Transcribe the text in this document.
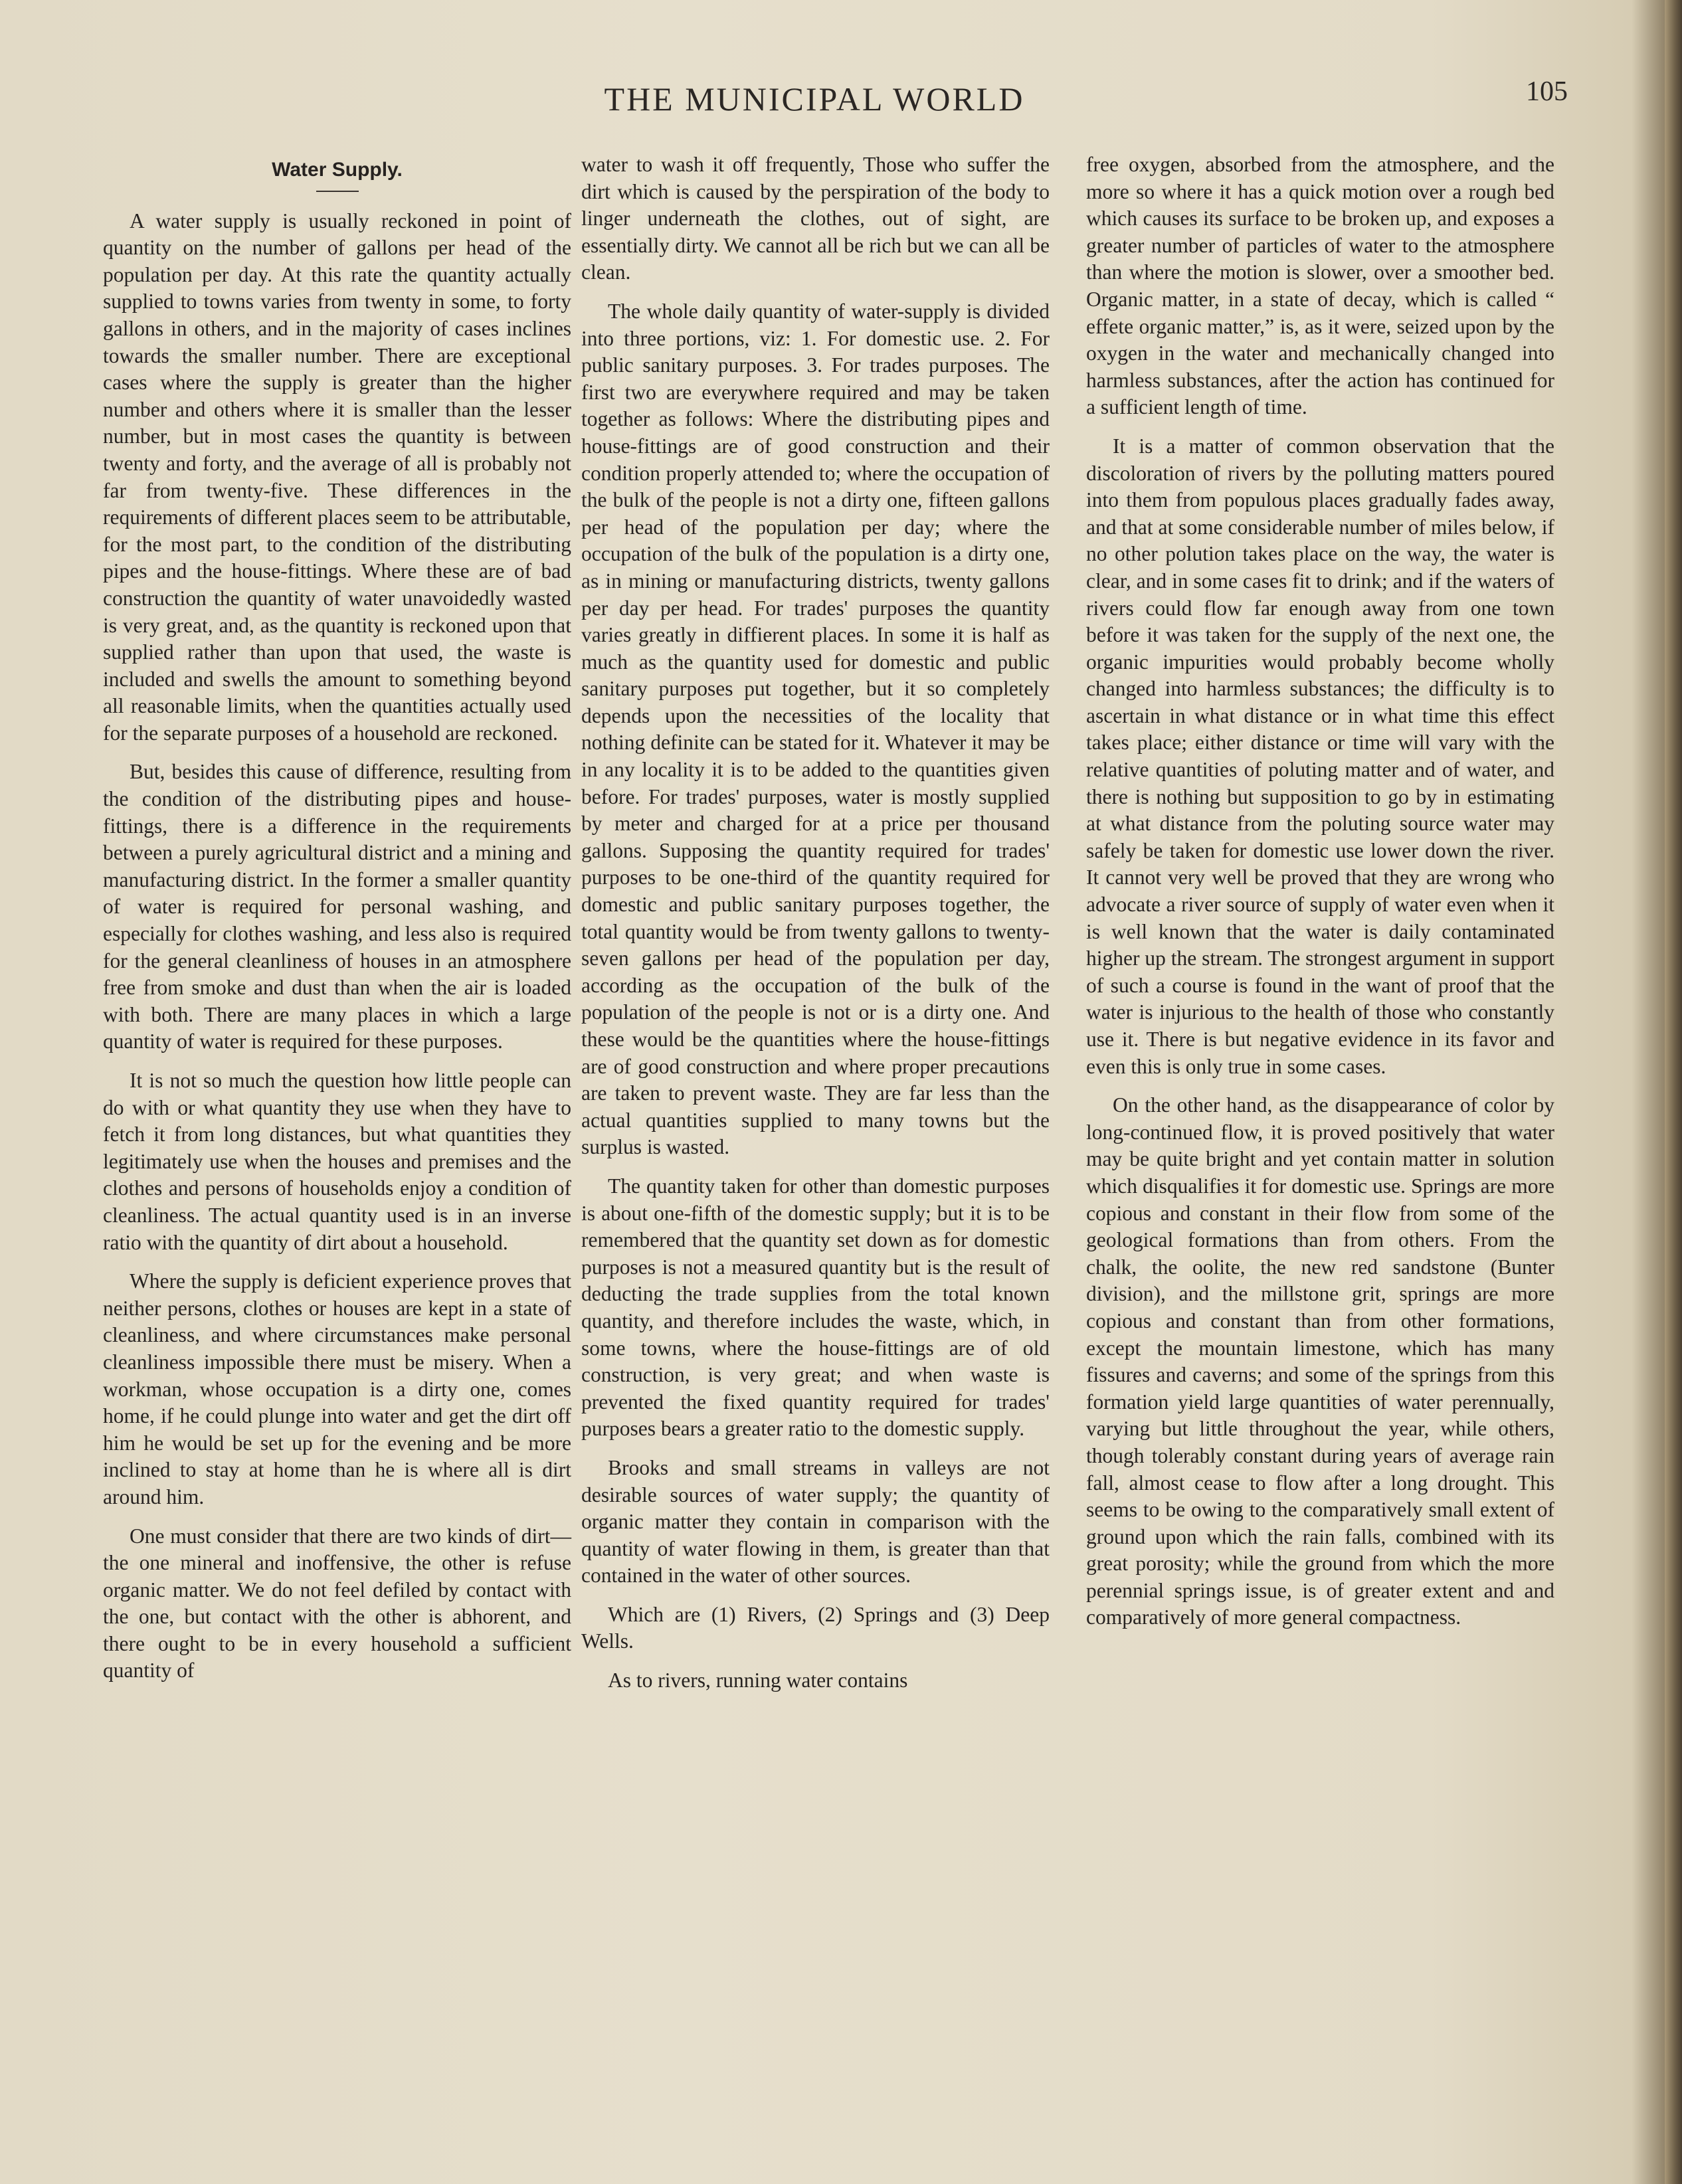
THE MUNICIPAL WORLD	105
Water Supply.

A water supply is usually reckoned in point of quantity on the number of gallons per head of the population per day. At this rate the quantity actually supplied to towns varies from twenty in some, to forty gallons in others, and in the majority of cases inclines towards the smaller number. There are exceptional cases where the supply is greater than the higher number and others where it is smaller than the lesser number, but in most cases the quantity is between twenty and forty, and the average of all is probably not far from twenty-five. These differences in the requirements of different places seem to be attributable, for the most part, to the condition of the distributing pipes and the house-fittings. Where these are of bad construction the quantity of water unavoidedly wasted is very great, and, as the quantity is reckoned upon that supplied rather than upon that used, the waste is included and swells the amount to something beyond all reasonable limits, when the quantities actually used for the separate purposes of a household are reckoned.

But, besides this cause of difference, resulting from the condition of the distributing pipes and house-fittings, there is a difference in the requirements between a purely agricultural district and a mining and manufacturing district. In the former a smaller quantity of water is required for personal washing, and especially for clothes washing, and less also is required for the general cleanliness of houses in an atmosphere free from smoke and dust than when the air is loaded with both. There are many places in which a large quantity of water is required for these purposes.

It is not so much the question how little people can do with or what quantity they use when they have to fetch it from long distances, but what quantities they legitimately use when the houses and premises and the clothes and persons of households enjoy a condition of cleanliness. The actual quantity used is in an inverse ratio with the quantity of dirt about a household.

Where the supply is deficient experience proves that neither persons, clothes or houses are kept in a state of cleanliness, and where circumstances make personal cleanliness impossible there must be misery. When a workman, whose occupation is a dirty one, comes home, if he could plunge into water and get the dirt off him he would be set up for the evening and be more inclined to stay at home than he is where all is dirt around him.

One must consider that there are two kinds of dirt—the one mineral and inoffensive, the other is refuse organic matter. We do not feel defiled by contact with the one, but contact with the other is abhorent, and there ought to be in every household a sufficient quantity of

water to wash it off frequently, Those who suffer the dirt which is caused by the perspiration of the body to linger underneath the clothes, out of sight, are essentially dirty. We cannot all be rich but we can all be clean.

The whole daily quantity of water-supply is divided into three portions, viz: 1. For domestic use. 2. For public sanitary purposes. 3. For trades purposes. The first two are everywhere required and may be taken together as follows: Where the distributing pipes and house-fittings are of good construction and their condition properly attended to; where the occupation of the bulk of the people is not a dirty one, fifteen gallons per head of the population per day; where the occupation of the bulk of the population is a dirty one, as in mining or manufacturing districts, twenty gallons per day per head. For trades' purposes the quantity varies greatly in diffierent places. In some it is half as much as the quantity used for domestic and public sanitary purposes put together, but it so completely depends upon the necessities of the locality that nothing definite can be stated for it. Whatever it may be in any locality it is to be added to the quantities given before. For trades' purposes, water is mostly supplied by meter and charged for at a price per thousand gallons. Supposing the quantity required for trades' purposes to be one-third of the quantity required for domestic and public sanitary purposes together, the total quantity would be from twenty gallons to twenty-seven gallons per head of the population per day, according as the occupation of the bulk of the population of the people is not or is a dirty one. And these would be the quantities where the house-fittings are of good construction and where proper precautions are taken to prevent waste. They are far less than the actual quantities supplied to many towns but the surplus is wasted.

The quantity taken for other than domestic purposes is about one-fifth of the domestic supply; but it is to be remembered that the quantity set down as for domestic purposes is not a measured quantity but is the result of deducting the trade supplies from the total known quantity, and therefore includes the waste, which, in some towns, where the house-fittings are of old construction, is very great; and when waste is prevented the fixed quantity required for trades' purposes bears a greater ratio to the domestic supply.

Brooks and small streams in valleys are not desirable sources of water supply; the quantity of organic matter they contain in comparison with the quantity of water flowing in them, is greater than that contained in the water of other sources.

Which are (1) Rivers, (2) Springs and (3) Deep Wells.

As to rivers, running water contains

free oxygen, absorbed from the atmosphere, and the more so where it has a quick motion over a rough bed which causes its surface to be broken up, and exposes a greater number of particles of water to the atmosphere than where the motion is slower, over a smoother bed. Organic matter, in a state of decay, which is called “ effete organic matter,” is, as it were, seized upon by the oxygen in the water and mechanically changed into harmless substances, after the action has continued for a sufficient length of time.

It is a matter of common observation that the discoloration of rivers by the polluting matters poured into them from populous places gradually fades away, and that at some considerable number of miles below, if no other polution takes place on the way, the water is clear, and in some cases fit to drink; and if the waters of rivers could flow far enough away from one town before it was taken for the supply of the next one, the organic impurities would probably become wholly changed into harmless substances; the difficulty is to ascertain in what distance or in what time this effect takes place; either distance or time will vary with the relative quantities of poluting matter and of water, and there is nothing but supposition to go by in estimating at what distance from the poluting source water may safely be taken for domestic use lower down the river. It cannot very well be proved that they are wrong who advocate a river source of supply of water even when it is well known that the water is daily contaminated higher up the stream. The strongest argument in support of such a course is found in the want of proof that the water is injurious to the health of those who constantly use it. There is but negative evidence in its favor and even this is only true in some cases.

On the other hand, as the disappearance of color by long-continued flow, it is proved positively that water may be quite bright and yet contain matter in solution which disqualifies it for domestic use. Springs are more copious and constant in their flow from some of the geological formations than from others. From the chalk, the oolite, the new red sandstone (Bunter division), and the millstone grit, springs are more copious and constant than from other formations, except the mountain limestone, which has many fissures and caverns; and some of the springs from this formation yield large quantities of water perennually, varying but little throughout the year, while others, though tolerably constant during years of average rain fall, almost cease to flow after a long drought. This seems to be owing to the comparatively small extent of ground upon which the rain falls, combined with its great porosity; while the ground from which the more perennial springs issue, is of greater extent and and comparatively of more general compactness.
